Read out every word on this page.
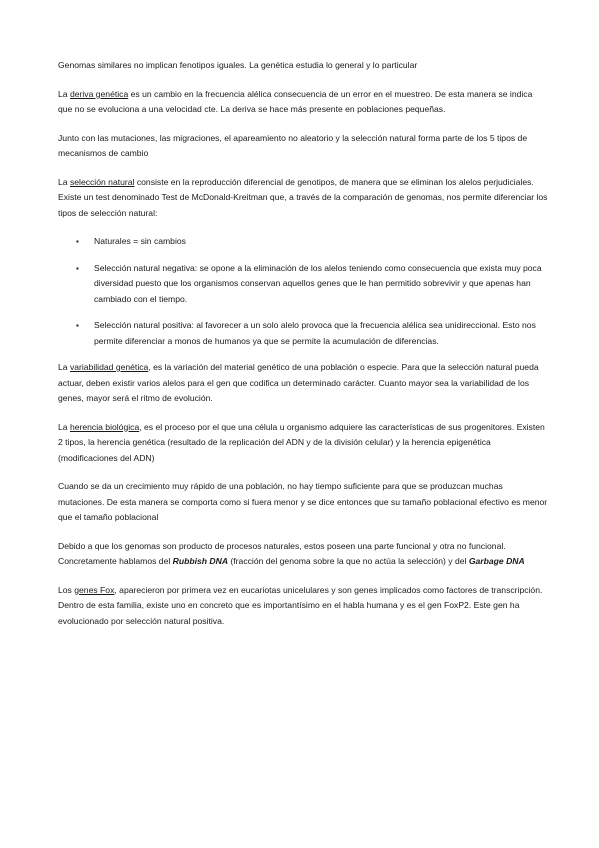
Genomas similares no implican fenotipos iguales. La genética estudia lo general y lo particular

La deriva genética es un cambio en la frecuencia alélica consecuencia de un error en el muestreo. De esta manera se indica que no se evoluciona a una velocidad cte. La deriva se hace más presente en poblaciones pequeñas.

Junto con las mutaciones, las migraciones, el apareamiento no aleatorio y la selección natural forma parte de los 5 tipos de mecanismos de cambio

La selección natural consiste en la reproducción diferencial de genotipos, de manera que se eliminan los alelos perjudiciales. Existe un test denominado Test de McDonald-Kreitman que, a través de la comparación de genomas, nos permite diferenciar los tipos de selección natural:

▪ Naturales = sin cambios
▪ Selección natural negativa: se opone a la eliminación de los alelos teniendo como consecuencia que exista muy poca diversidad puesto que los organismos conservan aquellos genes que le han permitido sobrevivir y que apenas han cambiado con el tiempo.
▪ Selección natural positiva: al favorecer a un solo alelo provoca que la frecuencia alélica sea unidireccional. Esto nos permite diferenciar a monos de humanos ya que se permite la acumulación de diferencias.

La variabilidad genética, es la variación del material genético de una población o especie. Para que la selección natural pueda actuar, deben existir varios alelos para el gen que codifica un determinado carácter. Cuanto mayor sea la variabilidad de los genes, mayor será el ritmo de evolución.

La herencia biológica, es el proceso por el que una célula u organismo adquiere las características de sus progenitores. Existen 2 tipos, la herencia genética (resultado de la replicación del ADN y de la división celular) y la herencia epigenética (modificaciones del ADN)

Cuando se da un crecimiento muy rápido de una población, no hay tiempo suficiente para que se produzcan muchas mutaciones. De esta manera se comporta como si fuera menor y se dice entonces que su tamaño poblacional efectivo es menor que el tamaño poblacional

Debido a que los genomas son producto de procesos naturales, estos poseen una parte funcional y otra no funcional. Concretamente hablamos del Rubbish DNA (fracción del genoma sobre la que no actúa la selección) y del Garbage DNA

Los genes Fox, aparecieron por primera vez en eucariotas unicelulares y son genes implicados como factores de transcripción. Dentro de esta familia, existe uno en concreto que es importantísimo en el habla humana y es el gen FoxP2. Este gen ha evolucionado por selección natural positiva.
